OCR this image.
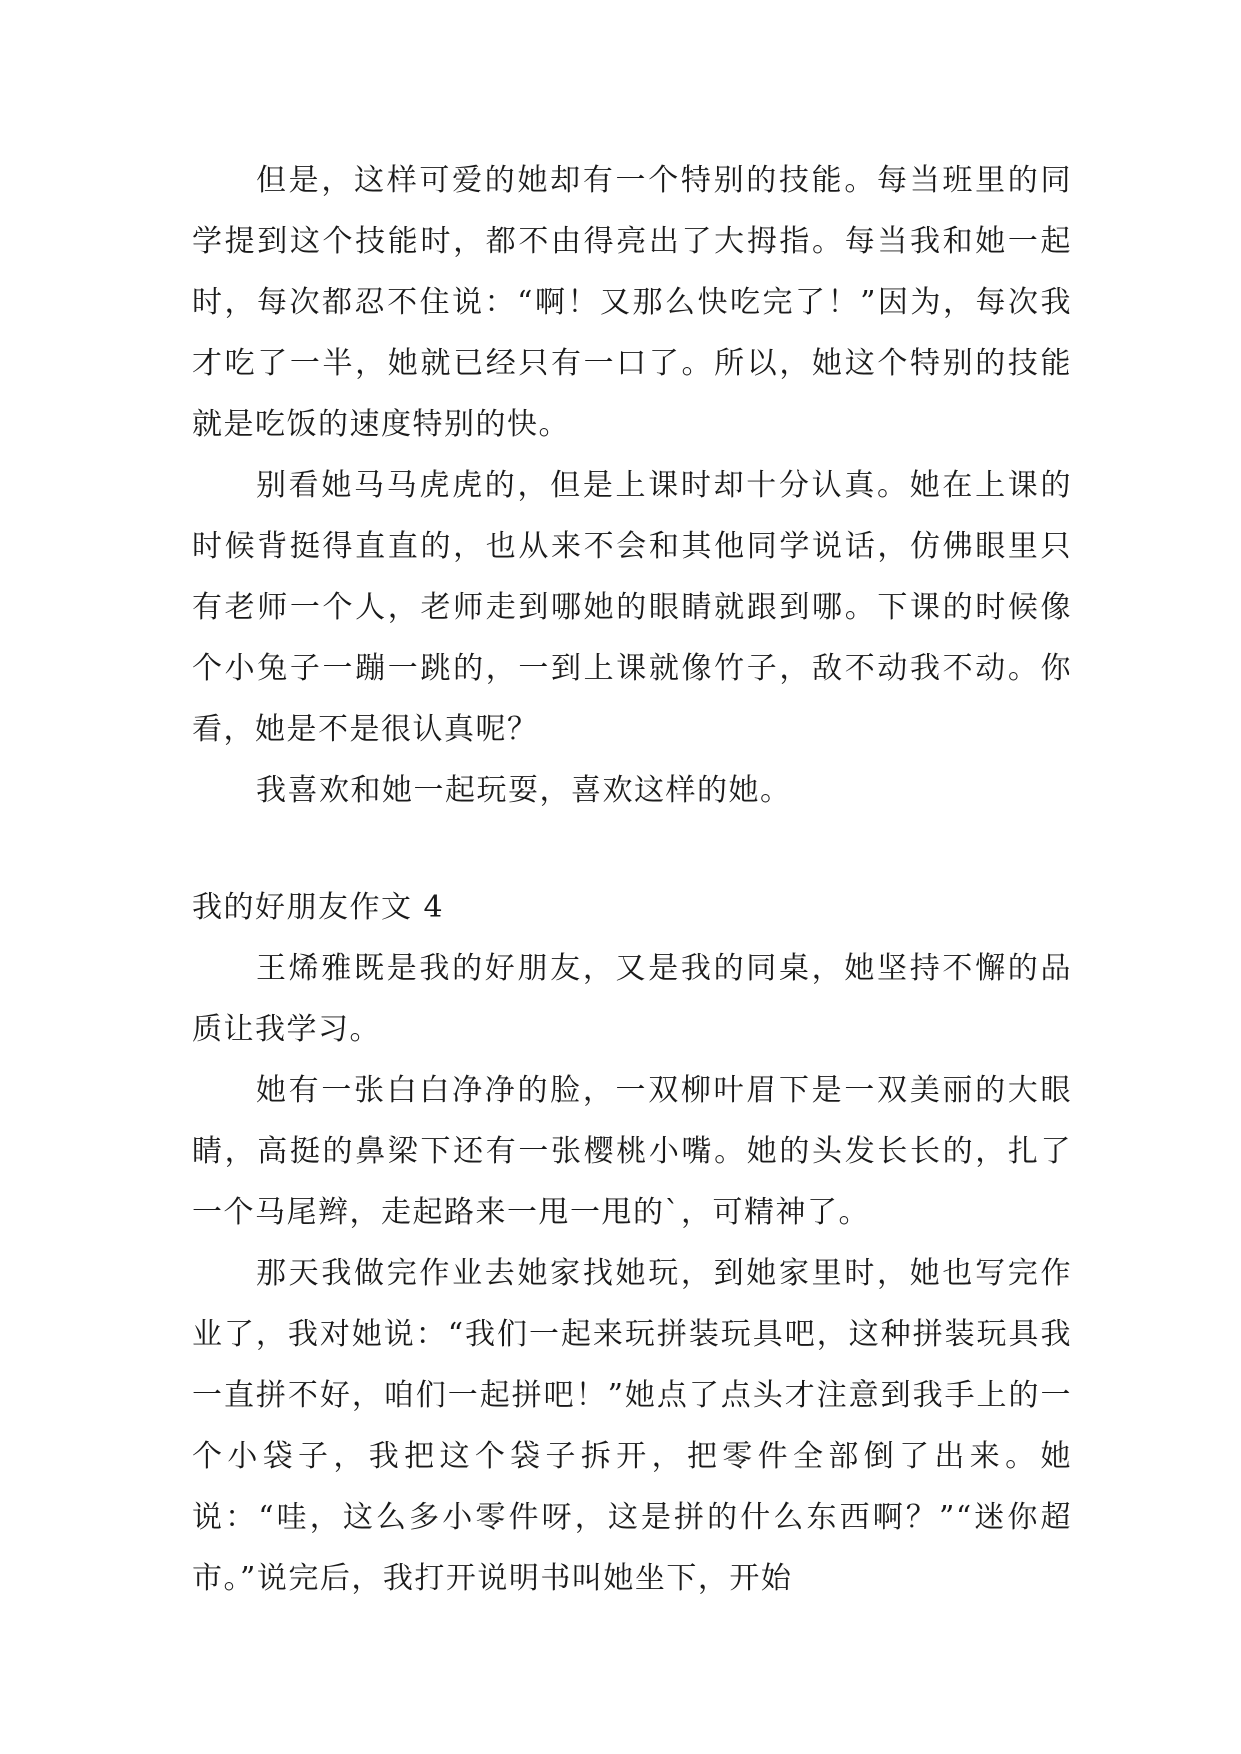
但是，这样可爱的她却有一个特别的技能。每当班里的同学提到这个技能时，都不由得亮出了大拇指。每当我和她一起时，每次都忍不住说：“啊！又那么快吃完了！”因为，每次我才吃了一半，她就已经只有一口了。所以，她这个特别的技能就是吃饭的速度特别的快。

别看她马马虎虎的，但是上课时却十分认真。她在上课的时候背挺得直直的，也从来不会和其他同学说话，仿佛眼里只有老师一个人，老师走到哪她的眼睛就跟到哪。下课的时候像个小兔子一蹦一跳的，一到上课就像竹子，敌不动我不动。你看，她是不是很认真呢？

我喜欢和她一起玩耍，喜欢这样的她。

我的好朋友作文 4

王烯雅既是我的好朋友，又是我的同桌，她坚持不懈的品质让我学习。

她有一张白白净净的脸，一双柳叶眉下是一双美丽的大眼睛，高挺的鼻梁下还有一张樱桃小嘴。她的头发长长的，扎了一个马尾辫，走起路来一甩一甩的`，可精神了。

那天我做完作业去她家找她玩，到她家里时，她也写完作业了，我对她说：“我们一起来玩拼装玩具吧，这种拼装玩具我一直拼不好，咱们一起拼吧！”她点了点头才注意到我手上的一个小袋子，我把这个袋子拆开，把零件全部倒了出来。她说：“哇，这么多小零件呀，这是拼的什么东西啊？”“迷你超市。”说完后，我打开说明书叫她坐下，开始
